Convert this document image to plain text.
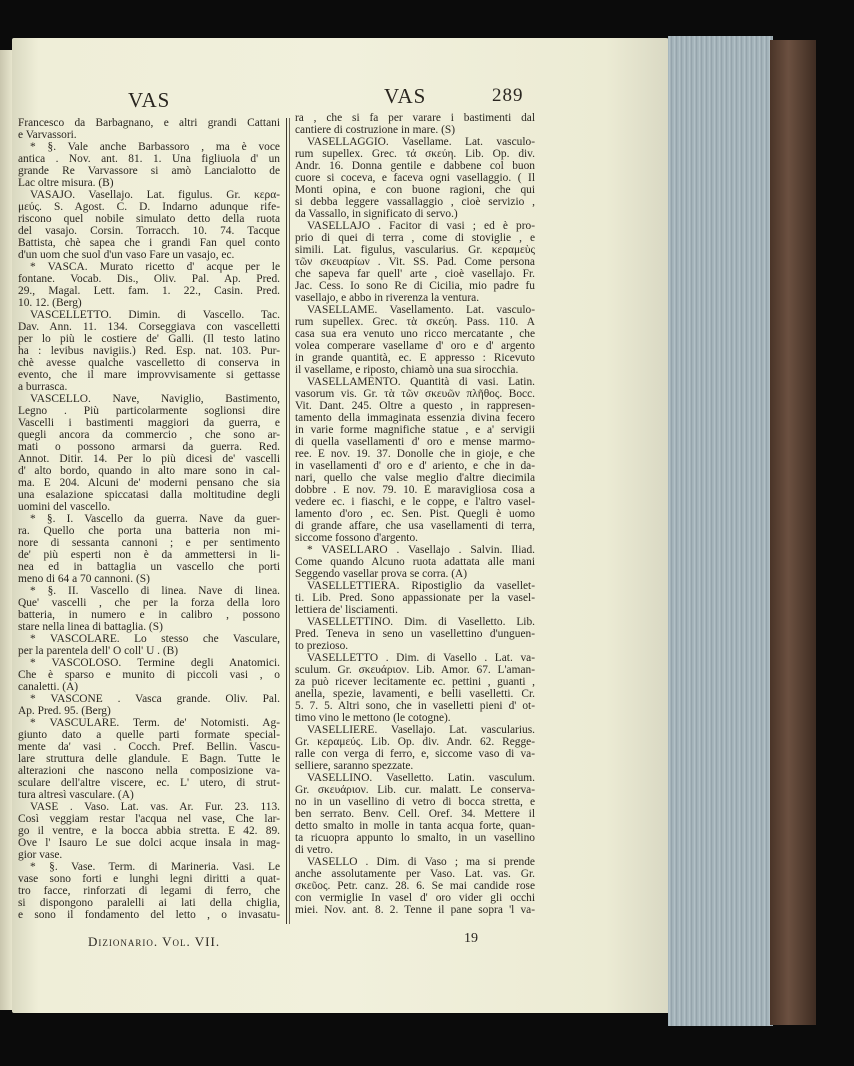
VAS	VAS	289
Francesco da Barbagnano, e altri grandi Cattani
e Varvassori.
* §. Vale anche Barbassoro , ma è voce
antica . Nov. ant. 81. 1. Una figliuola d' un
grande Re Varvassore si amò Lancialotto de
Lac oltre misura. (B)
VASAJO. Vasellajo. Lat. figulus. Gr. κερα-
μεύς. S. Agost. C. D. Indarno adunque rife-
riscono quel nobile simulato detto della ruota
del vasajo. Corsin. Torracch. 10. 74. Tacque
Battista, chè sapea che i grandi Fan quel conto
d'un uom che suol d'un vaso Fare un vasajo, ec.
* VASCA. Murato ricetto d' acque per le
fontane. Vocab. Dis., Oliv. Pal. Ap. Pred.
29., Magal. Lett. fam. 1. 22., Casin. Pred.
10. 12. (Berg)
VASCELLETTO. Dimin. di Vascello. Tac.
Dav. Ann. 11. 134. Corseggiava con vascelletti
per lo più le costiere de' Galli. (Il testo latino
ha : levibus navigiis.) Red. Esp. nat. 103. Pur-
chè avesse qualche vascelletto di conserva in
evento, che il mare improvvisamente si gettasse
a burrasca.
VASCELLO. Nave, Naviglio, Bastimento,
Legno . Più particolarmente soglionsi dire
Vascelli i bastimenti maggiori da guerra, e
quegli ancora da commercio , che sono ar-
mati o possono armarsi da guerra. Red.
Annot. Ditir. 14. Per lo più dicesi de' vascelli
d' alto bordo, quando in alto mare sono in cal-
ma. E 204. Alcuni de' moderni pensano che sia
una esalazione spiccatasi dalla moltitudine degli
uomini del vascello.
* §. I. Vascello da guerra. Nave da guer-
ra. Quello che porta una batteria non mi-
nore di sessanta cannoni ; e per sentimento
de' più esperti non è da ammettersi in li-
nea ed in battaglia un vascello che porti
meno di 64 a 70 cannoni. (S)
* §. II. Vascello di linea. Nave di linea.
Que' vascelli , che per la forza della loro
batteria, in numero e in calibro , possono
stare nella linea di battaglia. (S)
* VASCOLARE. Lo stesso che Vasculare,
per la parentela dell' O coll' U . (B)
* VASCOLOSO. Termine degli Anatomici.
Che è sparso e munito di piccoli vasi , o
canaletti. (A)
* VASCONE . Vasca grande. Oliv. Pal.
Ap. Pred. 95. (Berg)
* VASCULARE. Term. de' Notomisti. Ag-
giunto dato a quelle parti formate special-
mente da' vasi . Cocch. Pref. Bellin. Vascu-
lare struttura delle glandule. E Bagn. Tutte le
alterazioni che nascono nella composizione va-
sculare dell'altre viscere, ec. L' utero, di strut-
tura altresì vasculare. (A)
VASE . Vaso. Lat. vas. Ar. Fur. 23. 113.
Così veggiam restar l'acqua nel vase, Che lar-
go il ventre, e la bocca abbia stretta. E 42. 89.
Ove l' Isauro Le sue dolci acque insala in mag-
gior vase.
* §. Vase. Term. di Marineria. Vasi. Le
vase sono forti e lunghi legni diritti a quat-
tro facce, rinforzati di legami di ferro, che
si dispongono paralelli ai lati della chiglia,
e sono il fondamento del letto , o invasatu-
ra , che si fa per varare i bastimenti dal
cantiere di costruzione in mare. (S)
VASELLAGGIO. Vasellame. Lat. vasculo-
rum supellex. Grec. τά σκεύη. Lib. Op. div.
Andr. 16. Donna gentile e dabbene col buon
cuore si coceva, e faceva ogni vasellaggio. ( Il
Monti opina, e con buone ragioni, che qui
si debba leggere vassallaggio , cioè servizio ,
da Vassallo, in significato di servo.)
VASELLAJO . Facitor di vasi ; ed è pro-
prio di quei di terra , come di stoviglie , e
simili. Lat. figulus, vascularius. Gr. κεραμεὺς
τῶν σκευαρίων . Vit. SS. Pad. Come persona
che sapeva far quell' arte , cioè vasellajo. Fr.
Jac. Cess. Io sono Re di Cicilia, mio padre fu
vasellajo, e abbo in riverenza la ventura.
VASELLAME. Vasellamento. Lat. vasculo-
rum supellex. Grec. τὰ σκεύη. Pass. 110. A
casa sua era venuto uno ricco mercatante , che
volea comperare vasellame d' oro e d' argento
in grande quantità, ec. E appresso : Ricevuto
il vasellame, e riposto, chiamò una sua sirocchia.
VASELLAMENTO. Quantità di vasi. Latin.
vasorum vis. Gr. τὰ τῶν σκευῶν πλῆθος. Bocc.
Vit. Dant. 245. Oltre a questo , in rappresen-
tamento della immaginata essenzia divina fecero
in varie forme magnifiche statue , e a' servigii
di quella vasellamenti d' oro e mense marmo-
ree. E nov. 19. 37. Donolle che in gioje, e che
in vasellamenti d' oro e d' ariento, e che in da-
nari, quello che valse meglio d'altre diecimila
dobbre . E nov. 79. 10. È maravigliosa cosa a
vedere ec. i fiaschi, e le coppe, e l'altro vasel-
lamento d'oro , ec. Sen. Pist. Quegli è uomo
di grande affare, che usa vasellamenti di terra,
siccome fossono d'argento.
* VASELLARO . Vasellajo . Salvin. Iliad.
Come quando Alcuno ruota adattata alle mani
Seggendo vasellar prova se corra. (A)
VASELLETTIERA. Ripostiglio da vasellet-
ti. Lib. Pred. Sono appassionate per la vasel-
lettiera de' lisciamenti.
VASELLETTINO. Dim. di Vaselletto. Lib.
Pred. Teneva in seno un vasellettino d'unguen-
to prezioso.
VASELLETTO . Dim. di Vasello . Lat. va-
sculum. Gr. σκευάριον. Lib. Amor. 67. L'aman-
za può ricever lecitamente ec. pettini , guanti ,
anella, spezie, lavamenti, e belli vaselletti. Cr.
5. 7. 5. Altri sono, che in vaselletti pieni d' ot-
timo vino le mettono (le cotogne).
VASELLIERE. Vasellajo. Lat. vascularius.
Gr. κεραμεύς. Lib. Op. div. Andr. 62. Regge-
ralle con verga di ferro, e, siccome vaso di va-
selliere, saranno spezzate.
VASELLINO. Vaselletto. Latin. vasculum.
Gr. σκευάριον. Lib. cur. malatt. Le conserva-
no in un vasellino di vetro di bocca stretta, e
ben serrato. Benv. Cell. Oref. 34. Mettere il
detto smalto in molle in tanta acqua forte, quan-
ta ricuopra appunto lo smalto, in un vasellino
di vetro.
VASELLO . Dim. di Vaso ; ma si prende
anche assolutamente per Vaso. Lat. vas. Gr.
σκεῦος. Petr. canz. 28. 6. Se mai candide rose
con vermiglie In vasel d' oro vider gli occhi
miei. Nov. ant. 8. 2. Tenne il pane sopra 'l va-
Dizionario. Vol. VII.	19
